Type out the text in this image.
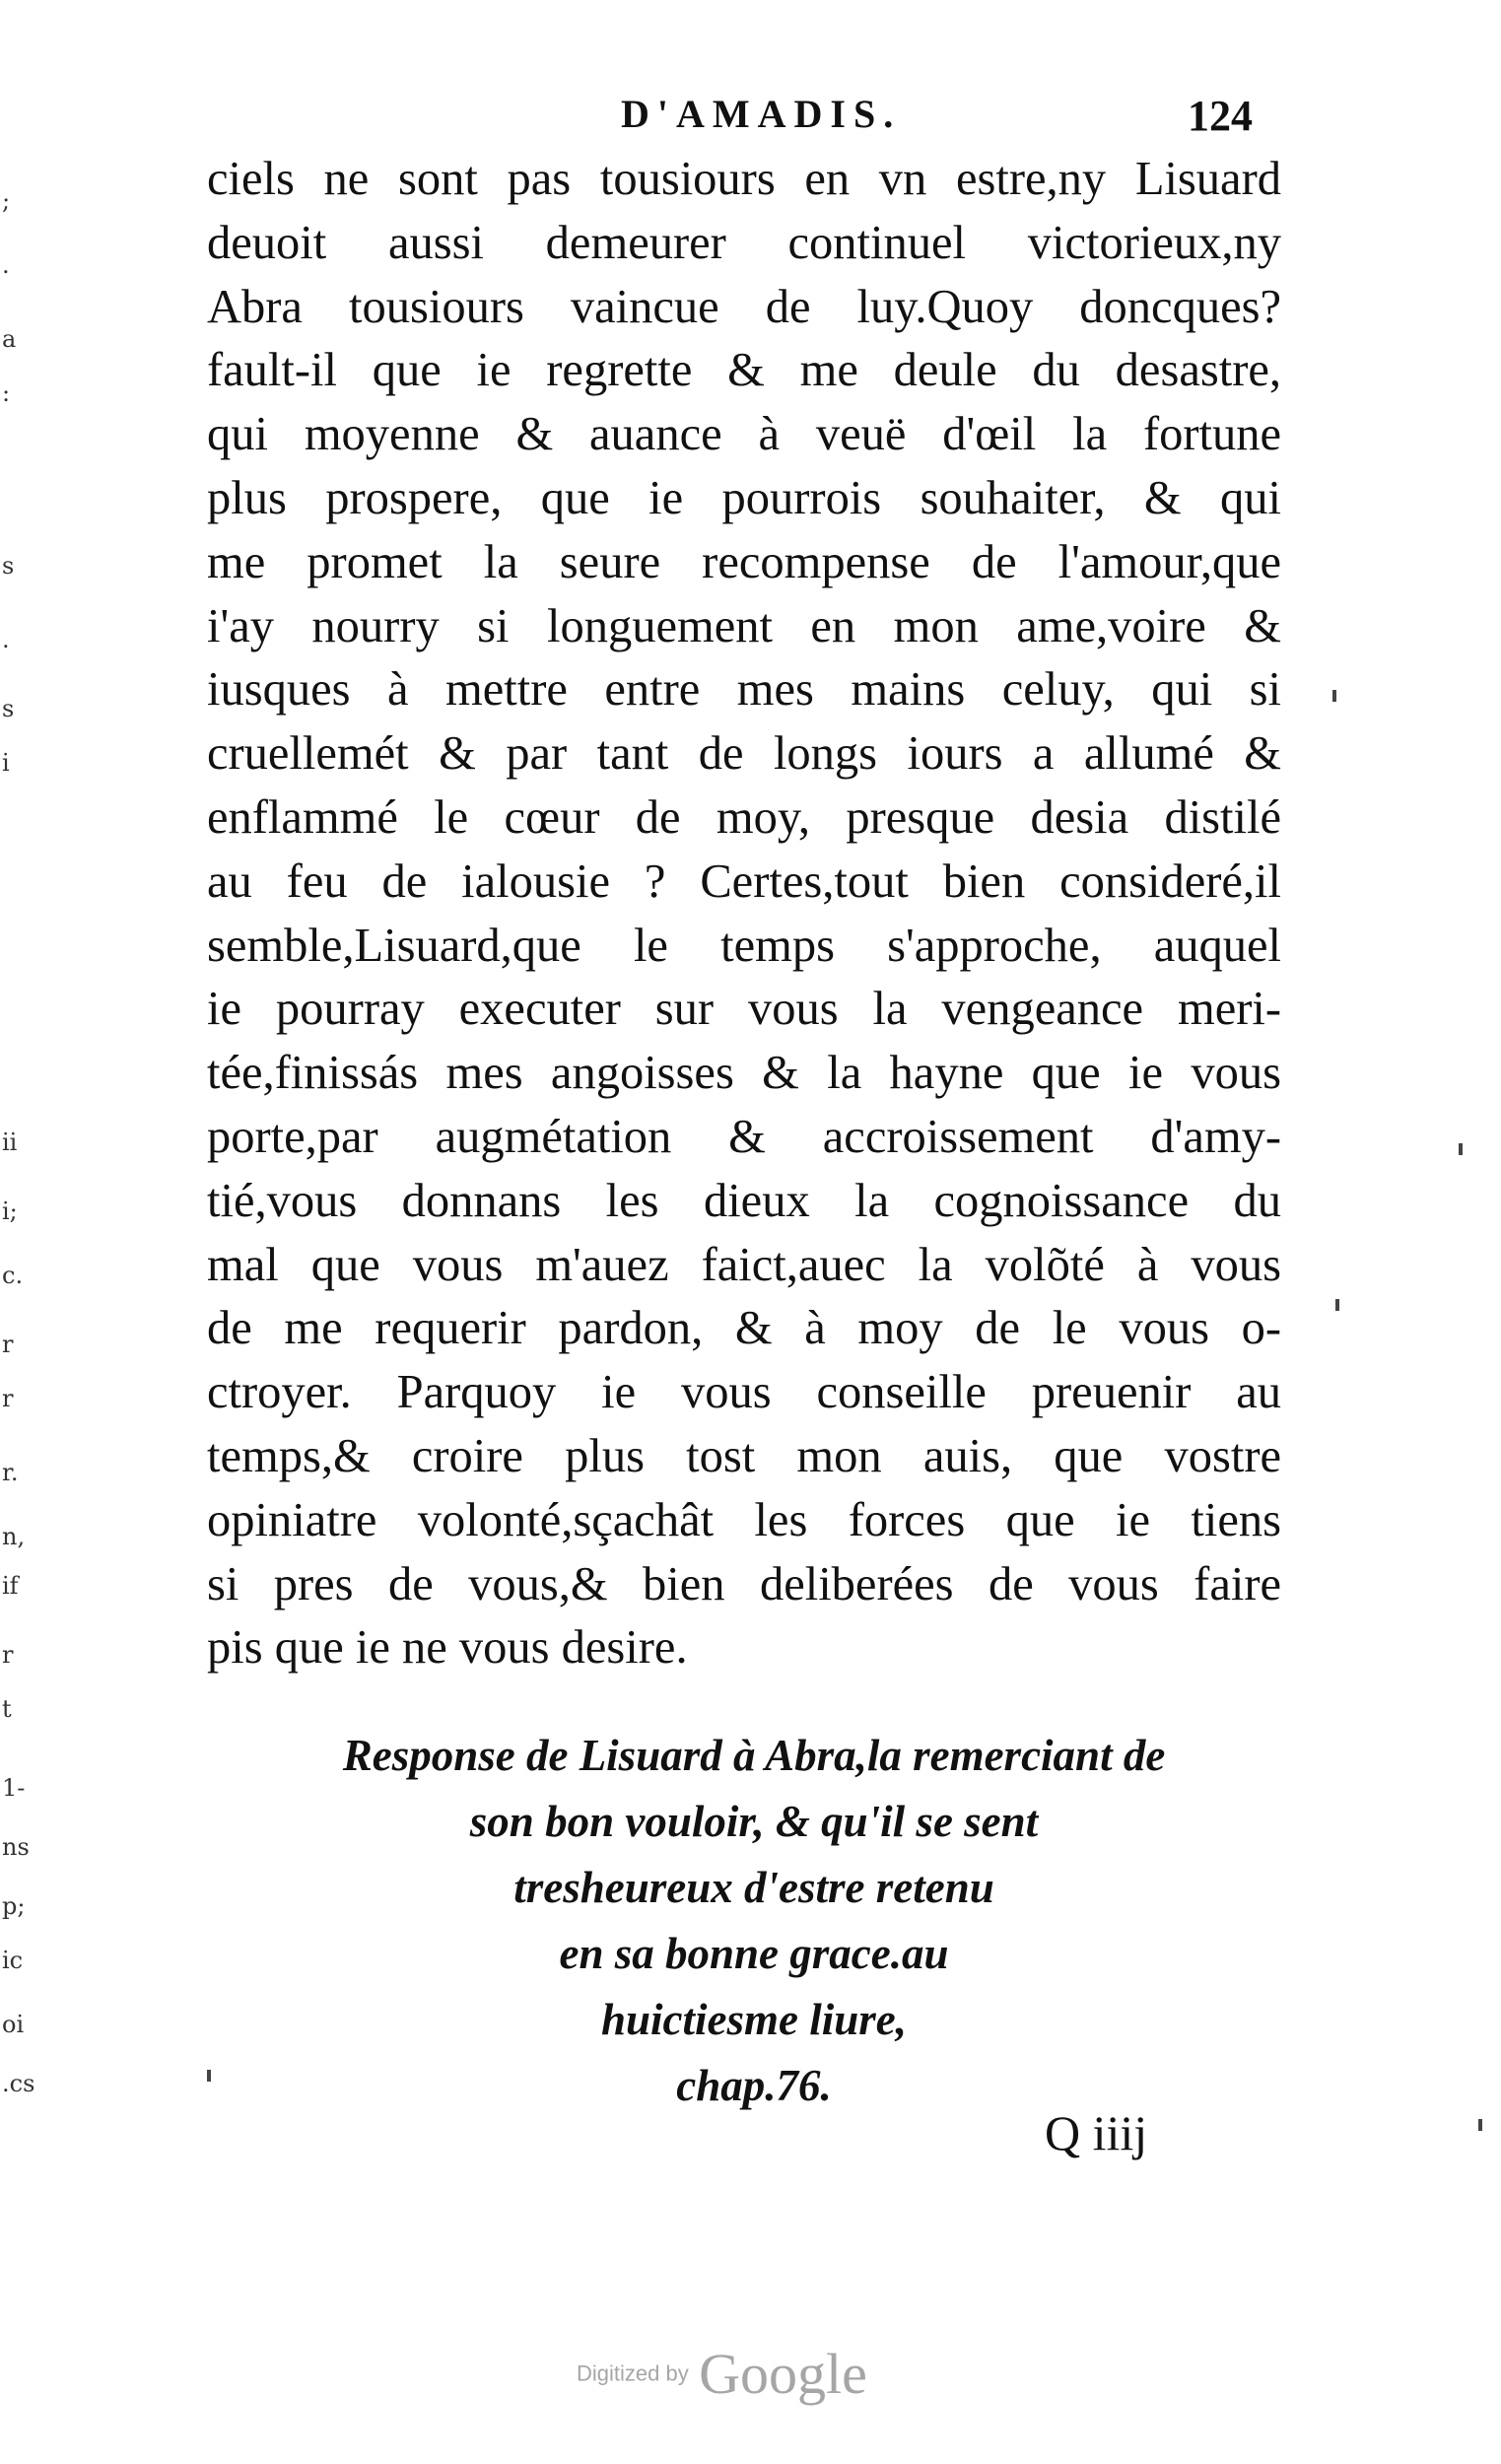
;
.
a
:
s
.
s
i
ii
i;
c.
r
r
r.
n,
if
r
t
1-
ns
p;
ic
oi
.cs
D'AMADIS.	124
ciels ne sont pas tousiours en vn estre,ny Lisuard
deuoit aussi demeurer continuel victorieux,ny
Abra tousiours vaincue de luy.Quoy doncques?
fault-il que ie regrette & me deule du desastre,
qui moyenne & auance à veuë d'œil la fortune
plus prospere, que ie pourrois souhaiter, & qui
me promet la seure recompense de l'amour,que
i'ay nourry si longuement en mon ame,voire &
iusques à mettre entre mes mains celuy, qui si
cruellemét & par tant de longs iours a allumé &
enflammé le cœur de moy, presque desia distilé
au feu de ialousie ? Certes,tout bien consideré,il
semble,Lisuard,que le temps s'approche, auquel
ie pourray executer sur vous la vengeance meri-
tée,finissás mes angoisses & la hayne que ie vous
porte,par augmétation & accroissement d'amy-
tié,vous donnans les dieux la cognoissance du
mal que vous m'auez faict,auec la volõté à vous
de me requerir pardon, & à moy de le vous o-
ctroyer. Parquoy ie vous conseille preuenir au
temps,& croire plus tost mon auis, que vostre
opiniatre volonté,sçachât les forces que ie tiens
si pres de vous,& bien deliberées de vous faire
pis que ie ne vous desire.
Response de Lisuard à Abra,la remerciant de
son bon vouloir, & qu'il se sent
tresheureux d'estre retenu
en sa bonne grace.au
huictiesme liure,
chap.76.
Q iiij
Digitized by Google
